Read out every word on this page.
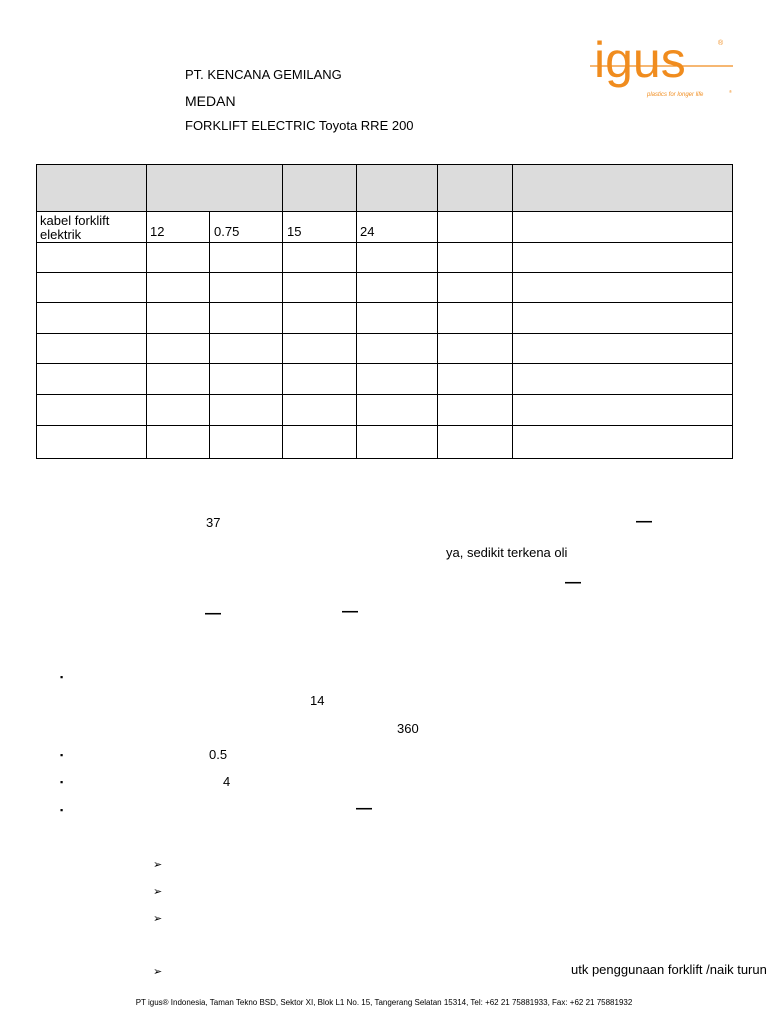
PT. KENCANA GEMILANG
MEDAN
FORKLIFT ELECTRIC Toyota RRE 200
igus	®
plastics for longer life
®
kabel forklift
elektrik	12	0.75	15	24
37	—
ya, sedikit terkena oli
—
—	—
▪
14
360
▪	0.5
▪	4
▪	—
➢
➢
➢
➢	utk penggunaan forklift /naik turun
PT igus® Indonesia, Taman Tekno BSD, Sektor XI, Blok L1 No. 15, Tangerang Selatan 15314, Tel: +62 21 75881933, Fax: +62 21 75881932
